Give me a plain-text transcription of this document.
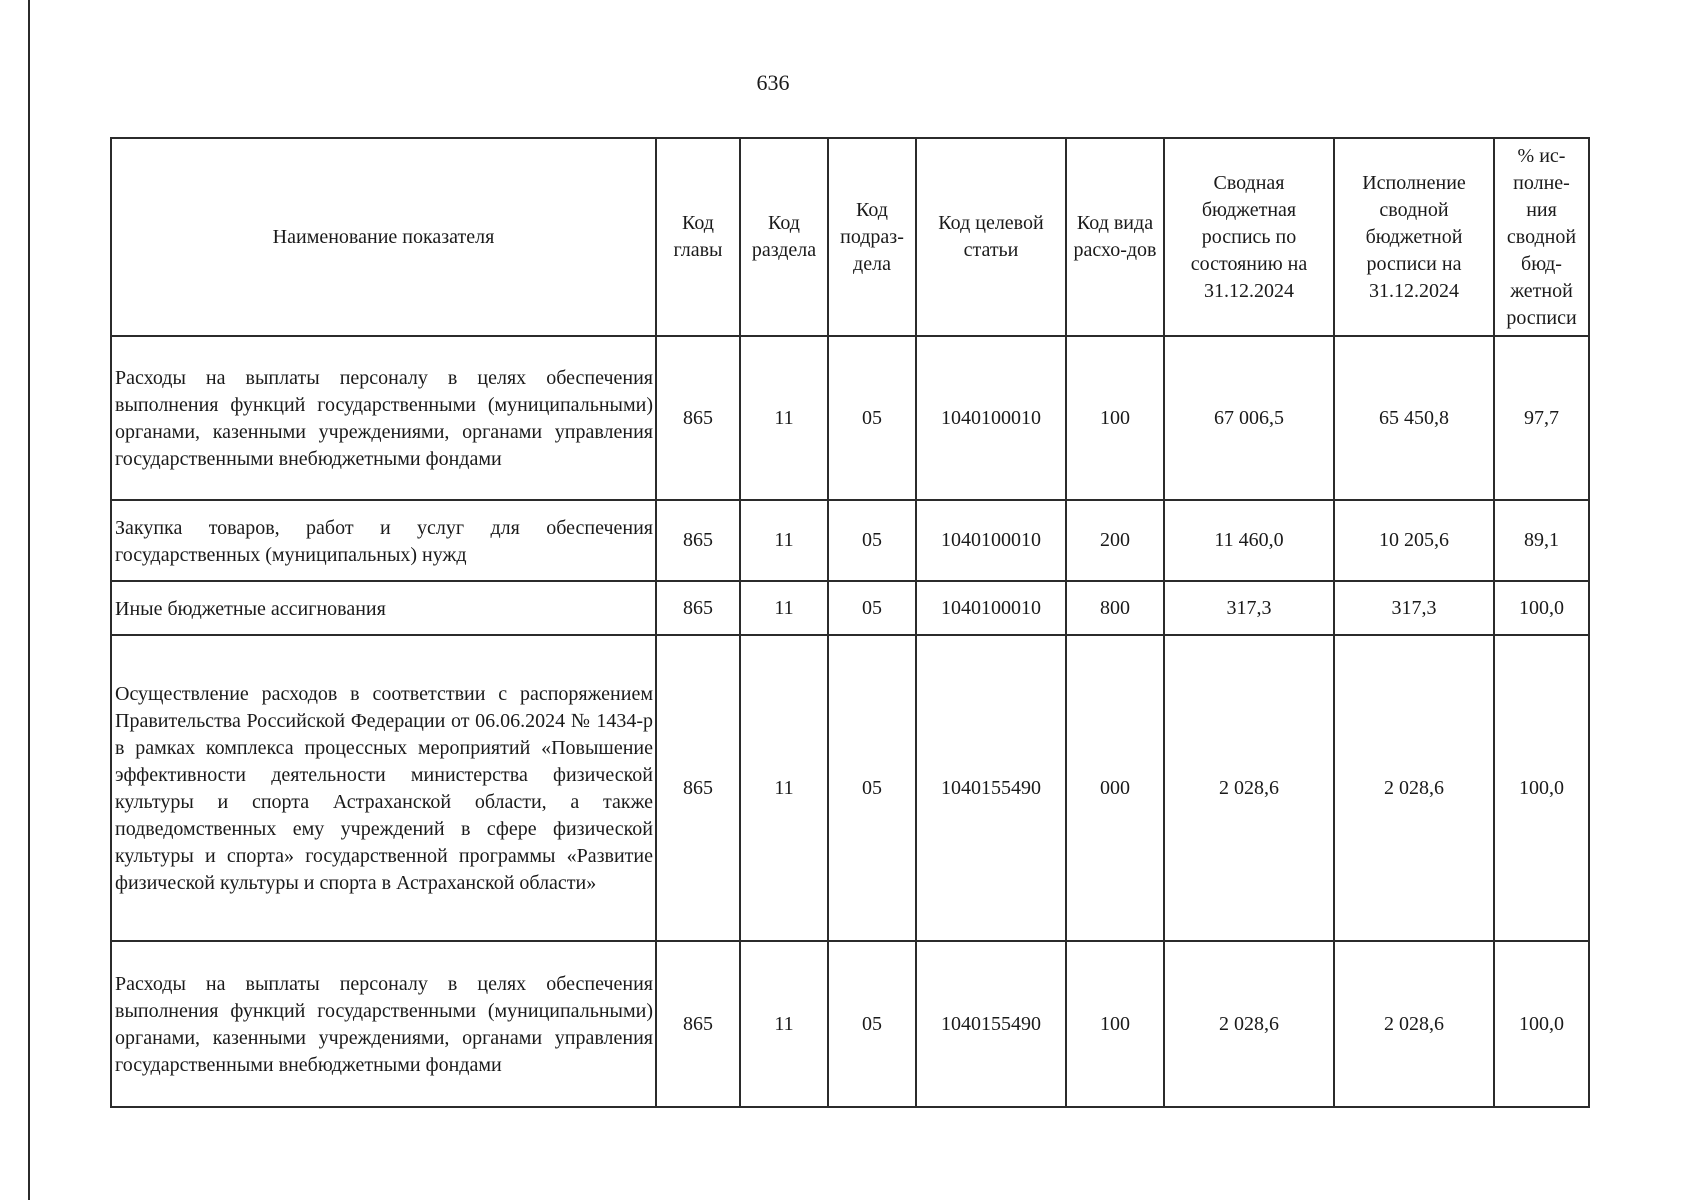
636
Наименование показателя	Код главы	Код раздела	Код подраз-дела	Код целевой статьи	Код вида расхо-дов	Сводная бюджетная роспись по состоянию на 31.12.2024	Исполнение сводной бюджетной росписи на 31.12.2024	% ис-полне-ния сводной бюд-жетной росписи
Расходы на выплаты персоналу в целях обеспечения выполнения функций государственными (муниципальными) органами, казенными учреждениями, органами управления государственными внебюджетными фондами	865	11	05	1040100010	100	67 006,5	65 450,8	97,7
Закупка товаров, работ и услуг для обеспечения государственных (муниципальных) нужд	865	11	05	1040100010	200	11 460,0	10 205,6	89,1
Иные бюджетные ассигнования	865	11	05	1040100010	800	317,3	317,3	100,0
Осуществление расходов в соответствии с распоряжением Правительства Российской Федерации от 06.06.2024 № 1434-р в рамках комплекса процессных мероприятий «Повышение эффективности деятельности министерства физической культуры и спорта Астраханской области, а также подведомственных ему учреждений в сфере физической культуры и спорта» государственной программы «Развитие физической культуры и спорта в Астраханской области»	865	11	05	1040155490	000	2 028,6	2 028,6	100,0
Расходы на выплаты персоналу в целях обеспечения выполнения функций государственными (муниципальными) органами, казенными учреждениями, органами управления государственными внебюджетными фондами	865	11	05	1040155490	100	2 028,6	2 028,6	100,0
